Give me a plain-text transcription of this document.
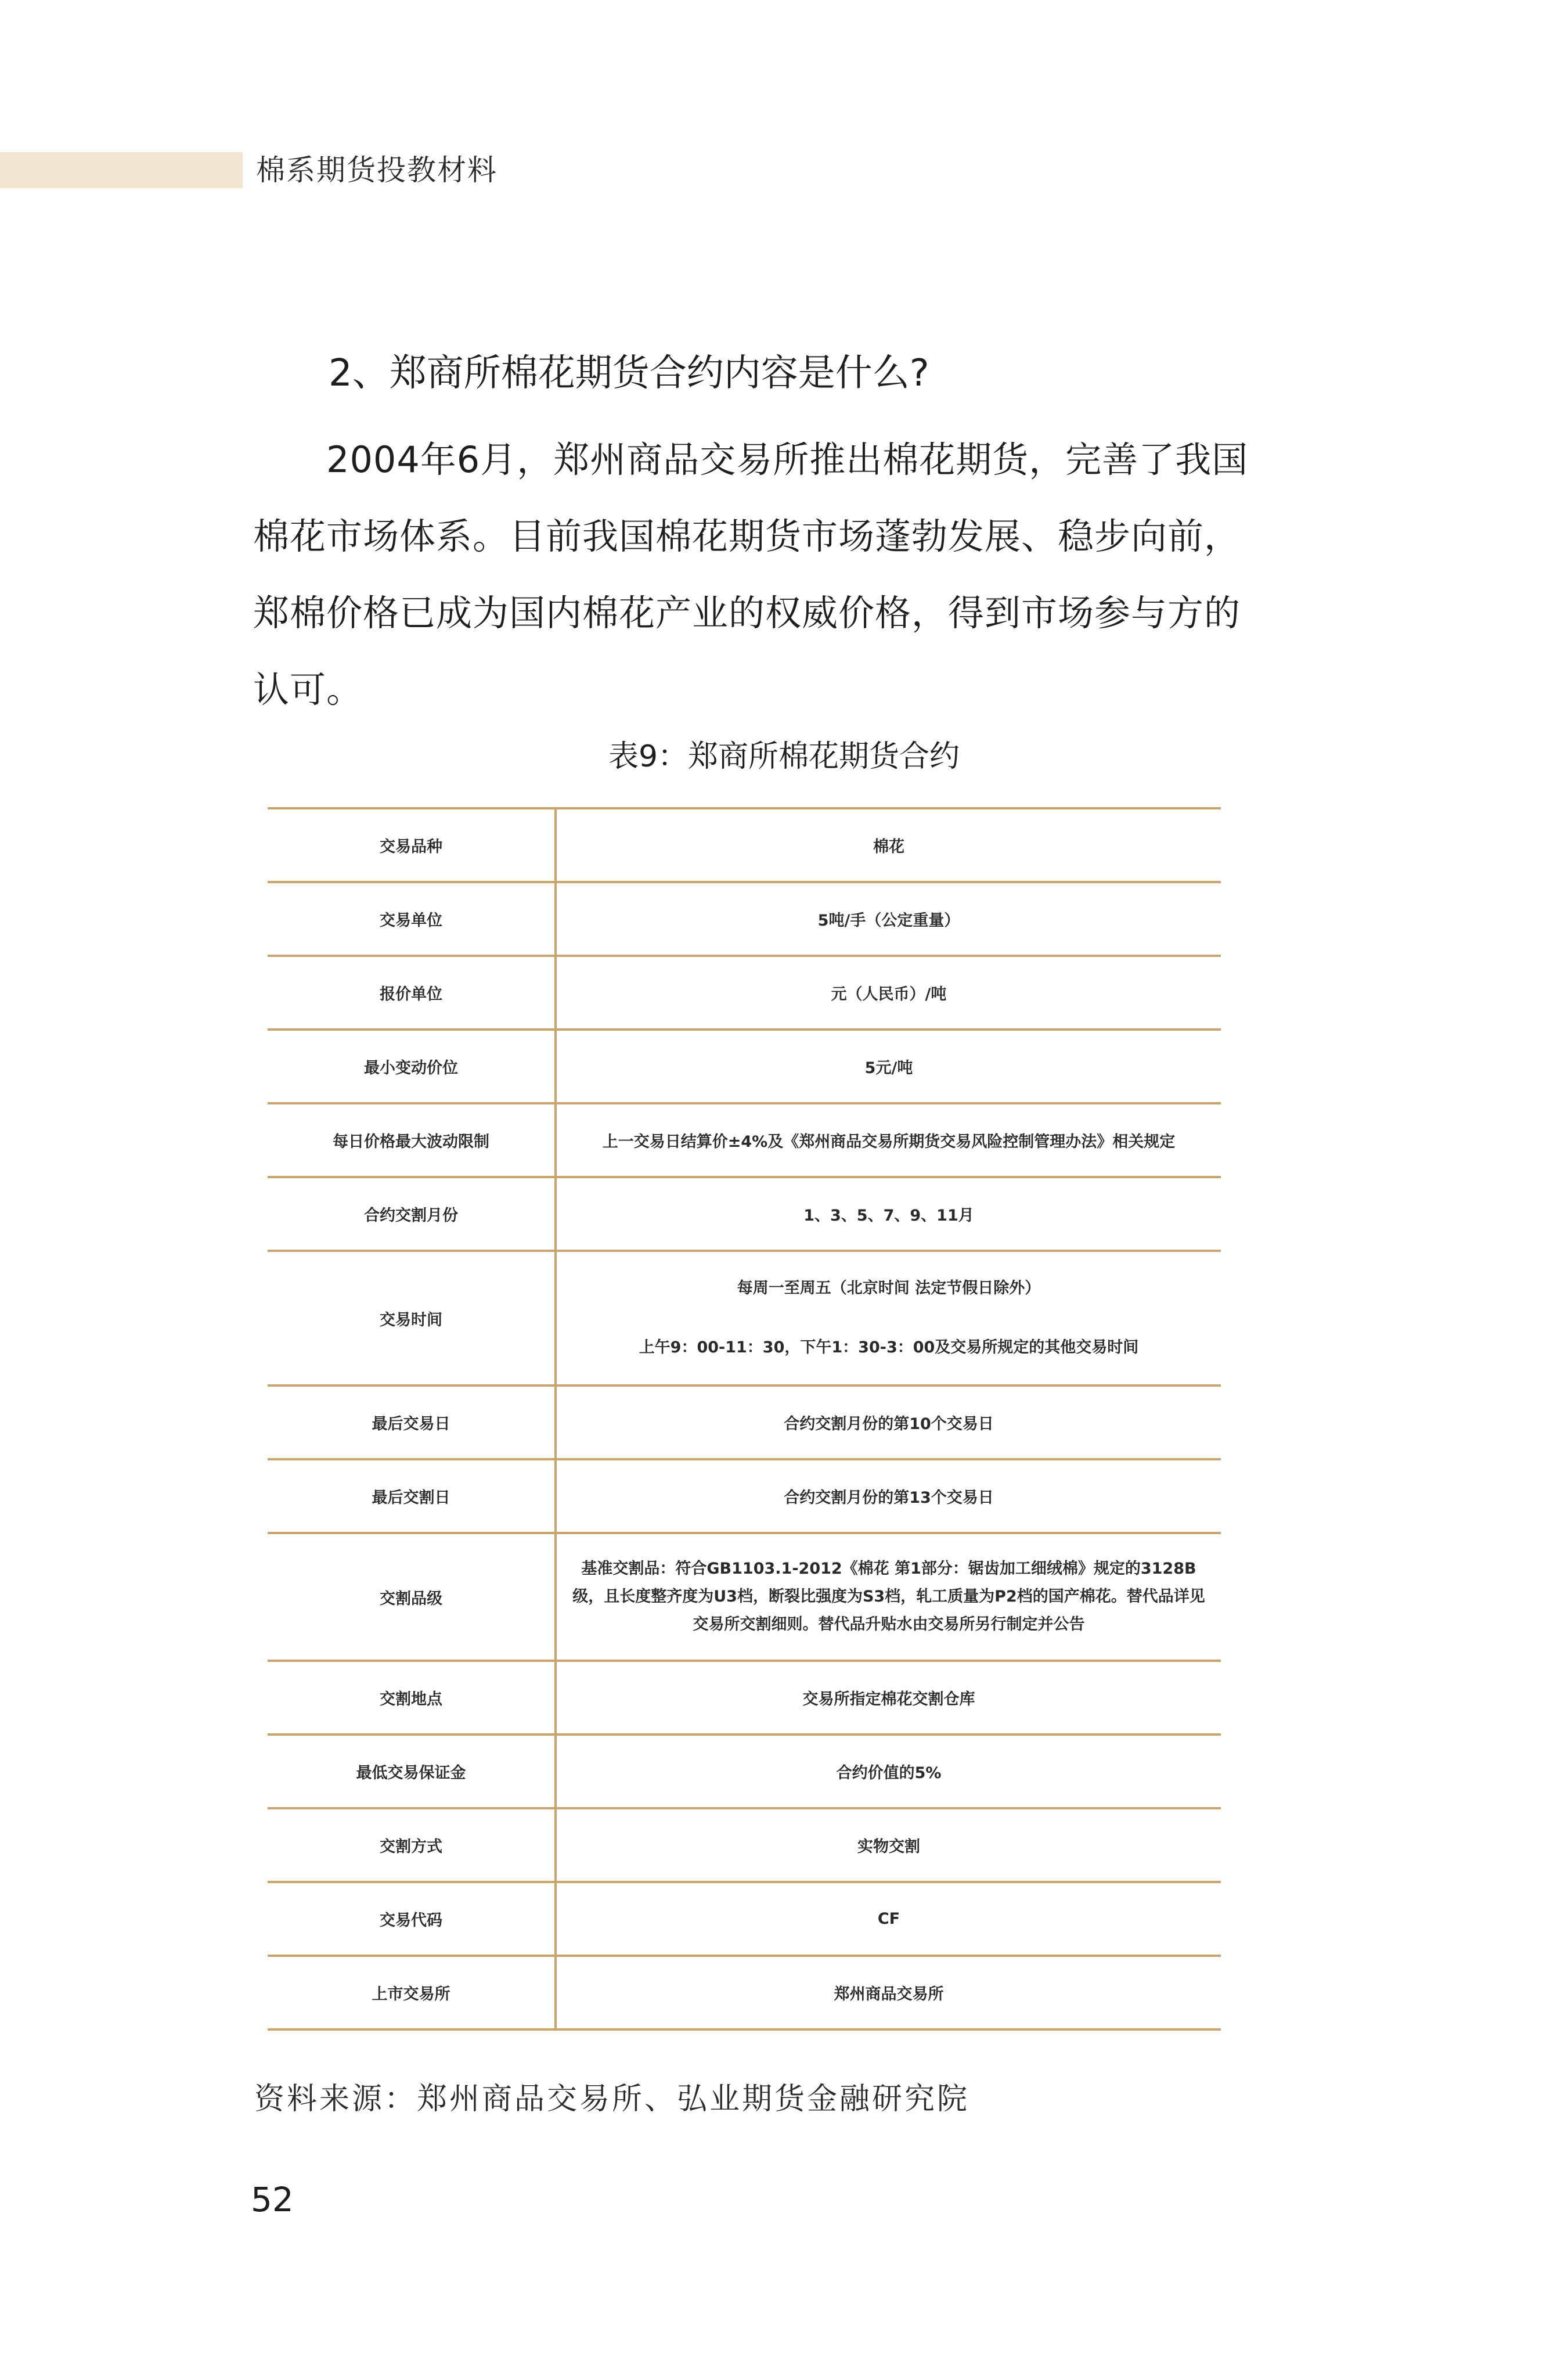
棉系期货投教材料
2、郑商所棉花期货合约内容是什么?
2004年6月，郑州商品交易所推出棉花期货，完善了我国棉花市场体系。目前我国棉花期货市场蓬勃发展、稳步向前，郑棉价格已成为国内棉花产业的权威价格，得到市场参与方的认可。
表9：郑商所棉花期货合约
交易品种	棉花
交易单位	5吨/手（公定重量）
报价单位	元（人民币）/吨
最小变动价位	5元/吨
每日价格最大波动限制	上一交易日结算价±4%及《郑州商品交易所期货交易风险控制管理办法》相关规定
合约交割月份	1、3、5、7、9、11月
交易时间	每周一至周五（北京时间 法定节假日除外）
上午9：00-11：30，下午1：30-3：00及交易所规定的其他交易时间

最后交易日	合约交割月份的第10个交易日
最后交割日	合约交割月份的第13个交易日
交割品级	基准交割品：符合GB1103.1-2012《棉花 第1部分：锯齿加工细绒棉》规定的3128B级，且长度整齐度为U3档，断裂比强度为S3档，轧工质量为P2档的国产棉花。替代品详见交易所交割细则。替代品升贴水由交易所另行制定并公告

交割地点	交易所指定棉花交割仓库
最低交易保证金	合约价值的5%
交割方式	实物交割
交易代码	CF
上市交易所	郑州商品交易所
资料来源：郑州商品交易所、弘业期货金融研究院
52
